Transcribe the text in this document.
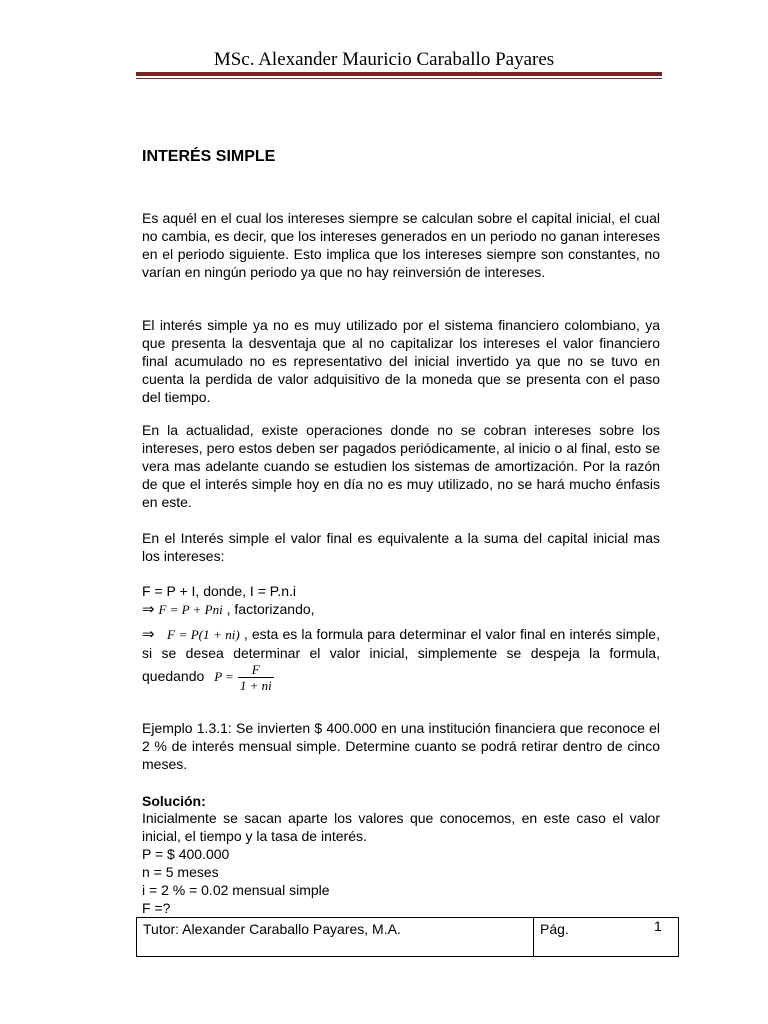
MSc. Alexander Mauricio Caraballo Payares
INTERÉS SIMPLE

Es aquél en el cual los intereses siempre se calculan sobre el capital inicial, el cual no cambia, es decir, que los intereses generados en un periodo no ganan intereses en el periodo siguiente. Esto implica que los intereses siempre son constantes, no varían en ningún periodo ya que no hay reinversión de intereses.

El interés simple ya no es muy utilizado por el sistema financiero colombiano, ya que presenta la desventaja que al no capitalizar los intereses el valor financiero final acumulado no es representativo del inicial invertido ya que no se tuvo en cuenta la perdida de valor adquisitivo de la moneda que se presenta con el paso del tiempo.

En la actualidad, existe operaciones donde no se cobran intereses sobre los intereses, pero estos deben ser pagados periódicamente, al inicio o al final, esto se vera mas adelante cuando se estudien los sistemas de amortización. Por la razón de que el interés simple hoy en día no es muy utilizado, no se hará mucho énfasis en este.

En el Interés simple el valor final es equivalente a la suma del capital inicial mas los intereses:

F = P + I, donde, I = P.n.i
⇒ F = P + Pni , factorizando,

⇒ F = P(1 + ni) , esta es la formula para determinar el valor final en interés simple, si se desea determinar el valor inicial, simplemente se despeja la formula, quedando $P = \frac{F}{1 + ni}$

Ejemplo 1.3.1: Se invierten $ 400.000 en una institución financiera que reconoce el 2 % de interés mensual simple. Determine cuanto se podrá retirar dentro de cinco meses.

Solución:

Inicialmente se sacan aparte los valores que conocemos, en este caso el valor inicial, el tiempo y la tasa de interés.

P = $ 400.000
n = 5 meses
i = 2 % = 0.02 mensual simple
F =?
Tutor: Alexander Caraballo Payares, M.A.	Pág.	1
